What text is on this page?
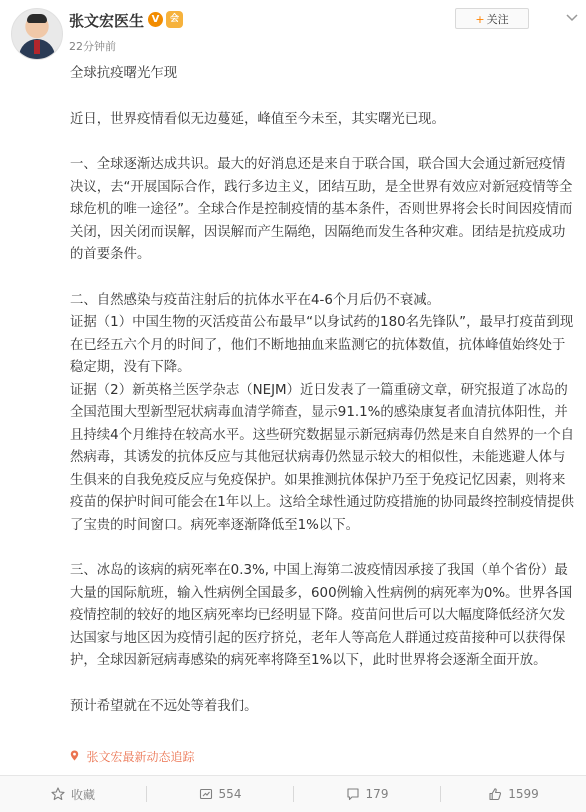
张文宏医生 V	会
22分钟前
+ 关注

全球抗疫曙光乍现

近日，世界疫情看似无边蔓延，峰值至今未至，其实曙光已现。

一、全球逐渐达成共识。最大的好消息还是来自于联合国，联合国大会通过新冠疫情决议，去“开展国际合作，践行多边主义，团结互助，是全世界有效应对新冠疫情等全球危机的唯一途径”。全球合作是控制疫情的基本条件，否则世界将会长时间因疫情而关闭，因关闭而误解，因误解而产生隔绝，因隔绝而发生各种灾难。团结是抗疫成功的首要条件。

二、自然感染与疫苗注射后的抗体水平在4-6个月后仍不衰减。

证据（1）中国生物的灭活疫苗公布最早“以身试药的180名先锋队”，最早打疫苗到现在已经五六个月的时间了，他们不断地抽血来监测它的抗体数值，抗体峰值始终处于稳定期，没有下降。

证据（2）新英格兰医学杂志（NEJM）近日发表了一篇重磅文章，研究报道了冰岛的全国范围大型新型冠状病毒血清学筛查，显示91.1%的感染康复者血清抗体阳性，并且持续4个月维持在较高水平。这些研究数据显示新冠病毒仍然是来自自然界的一个自然病毒，其诱发的抗体反应与其他冠状病毒仍然显示较大的相似性，未能逃避人体与生俱来的自我免疫反应与免疫保护。如果推测抗体保护乃至于免疫记忆因素，则将来疫苗的保护时间可能会在1年以上。这给全球性通过防疫措施的协同最终控制疫情提供了宝贵的时间窗口。病死率逐渐降低至1%以下。

三、冰岛的该病的病死率在0.3%, 中国上海第二波疫情因承接了我国（单个省份）最大量的国际航班，输入性病例全国最多，600例输入性病例的病死率为0%。世界各国疫情控制的较好的地区病死率均已经明显下降。疫苗问世后可以大幅度降低经济欠发达国家与地区因为疫情引起的医疗挤兑，老年人等高危人群通过疫苗接种可以获得保护，全球因新冠病毒感染的病死率将降至1%以下，此时世界将会逐渐全面开放。

预计希望就在不远处等着我们。

张文宏最新动态追踪
收藏	554	179	1599
